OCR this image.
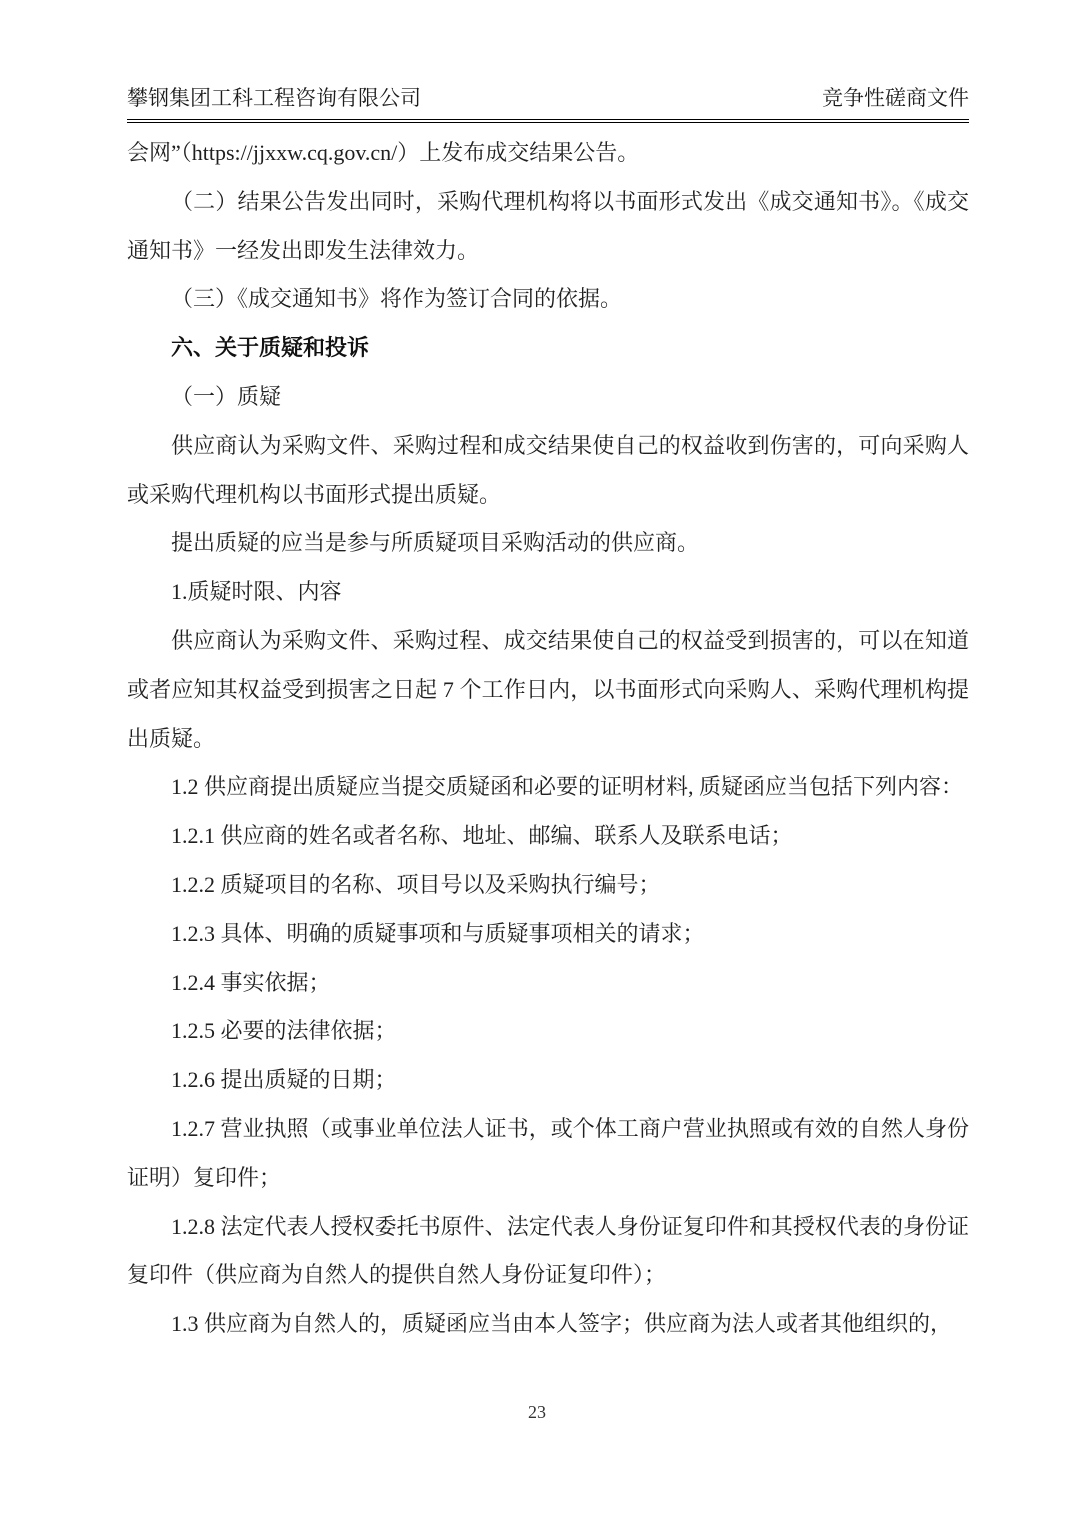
攀钢集团工科工程咨询有限公司	竞争性磋商文件

会网”（https://jjxxw.cq.gov.cn/）上发布成交结果公告。

（二）结果公告发出同时，采购代理机构将以书面形式发出《成交通知书》。《成交通知书》一经发出即发生法律效力。

（三）《成交通知书》将作为签订合同的依据。

六、关于质疑和投诉

（一）质疑

供应商认为采购文件、采购过程和成交结果使自己的权益收到伤害的，可向采购人或采购代理机构以书面形式提出质疑。

提出质疑的应当是参与所质疑项目采购活动的供应商。

1.质疑时限、内容

供应商认为采购文件、采购过程、成交结果使自己的权益受到损害的，可以在知道或者应知其权益受到损害之日起 7 个工作日内，以书面形式向采购人、采购代理机构提出质疑。

1.2 供应商提出质疑应当提交质疑函和必要的证明材料, 质疑函应当包括下列内容：

1.2.1 供应商的姓名或者名称、地址、邮编、联系人及联系电话；

1.2.2 质疑项目的名称、项目号以及采购执行编号；

1.2.3 具体、明确的质疑事项和与质疑事项相关的请求；

1.2.4 事实依据；

1.2.5 必要的法律依据；

1.2.6 提出质疑的日期；

1.2.7 营业执照（或事业单位法人证书，或个体工商户营业执照或有效的自然人身份证明）复印件；

1.2.8 法定代表人授权委托书原件、法定代表人身份证复印件和其授权代表的身份证复印件（供应商为自然人的提供自然人身份证复印件）；

1.3 供应商为自然人的，质疑函应当由本人签字；供应商为法人或者其他组织的，

23
